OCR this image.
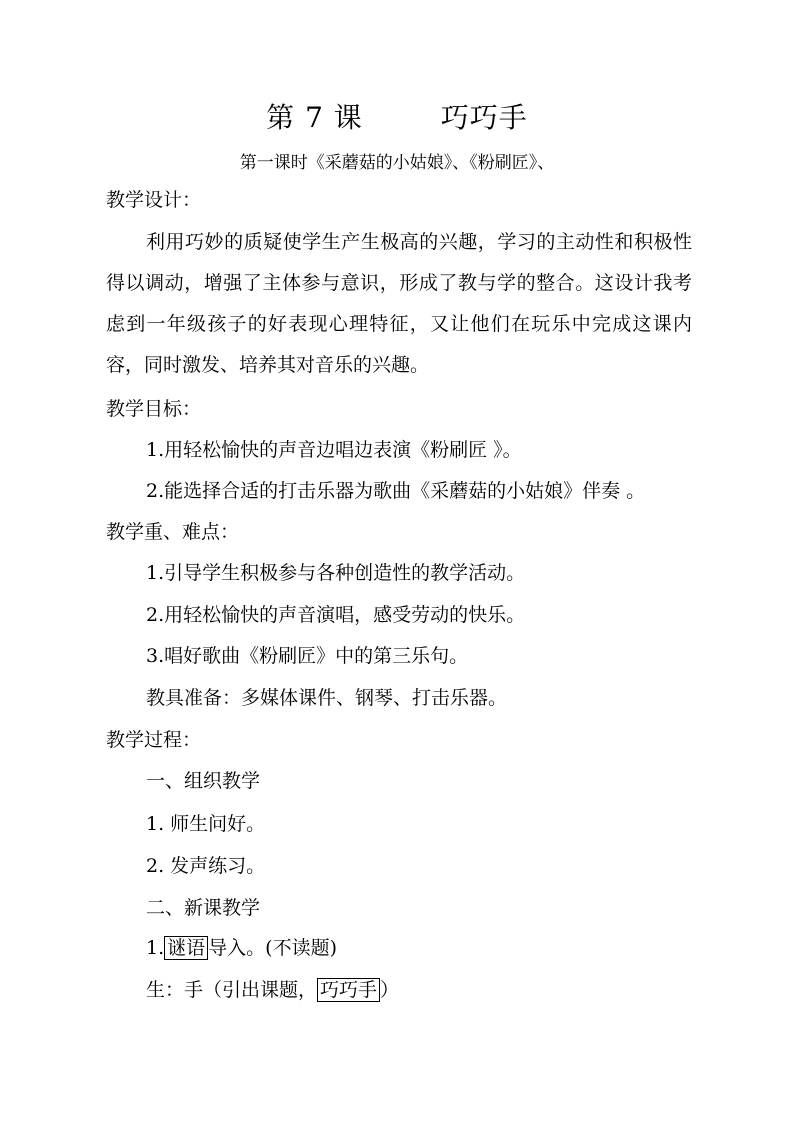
第 7 课	巧巧手
第一课时《采蘑菇的小姑娘》、《粉刷匠》、
教学设计：
利用巧妙的质疑使学生产生极高的兴趣，学习的主动性和积极性得以调动，增强了主体参与意识，形成了教与学的整合。这设计我考虑到一年级孩子的好表现心理特征，又让他们在玩乐中完成这课内容，同时激发、培养其对音乐的兴趣。
教学目标：
1.用轻松愉快的声音边唱边表演《粉刷匠 》。
2.能选择合适的打击乐器为歌曲《采蘑菇的小姑娘》伴奏 。
教学重、难点：
1.引导学生积极参与各种创造性的教学活动。
2.用轻松愉快的声音演唱，感受劳动的快乐。
3.唱好歌曲《粉刷匠》中的第三乐句。
教具准备：多媒体课件、钢琴、打击乐器。
教学过程：
一、组织教学
1. 师生问好。
2. 发声练习。
二、新课教学
1. 谜语 导入。(不读题)
生：手（引出课题， 巧巧手 ）
